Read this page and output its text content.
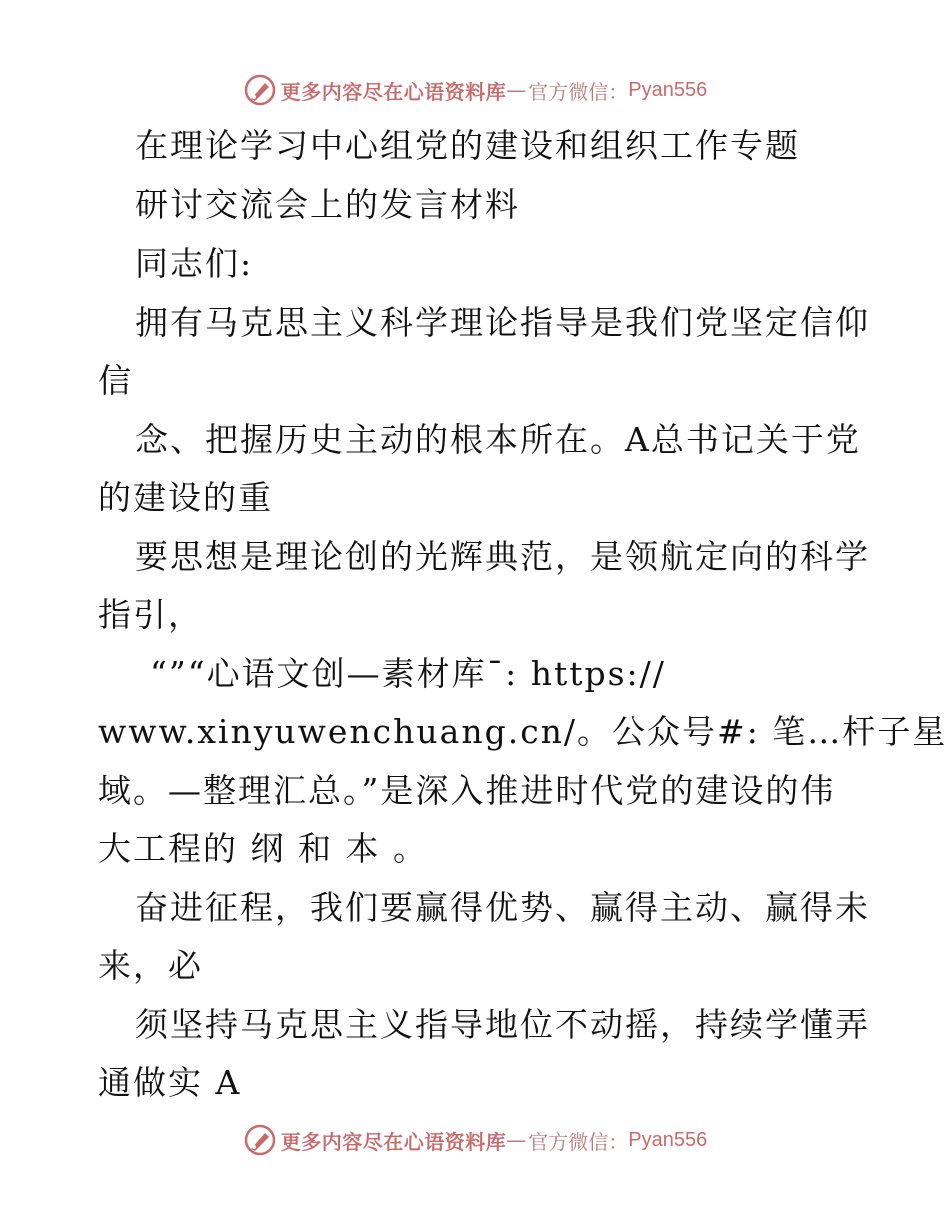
更多内容尽在心语资料库 — 官方微信： Pyan556
在理论学习中心组党的建设和组织工作专题
研讨交流会上的发言材料
同志们:
拥有马克思主义科学理论指导是我们党坚定信仰
信
念、把握历史主动的根本所在。A总书记关于党
的建设的重
要思想是理论创的光辉典范，是领航定向的科学
指引，
“”“心语文创—素材库¯: https://
www.xinyuwenchuang.cn/。公众号#: 笔…杆子星
域。—整理汇总。”是深入推进时代党的建设的伟
大工程的 纲 和 本 。
奋进征程，我们要赢得优势、赢得主动、赢得未
来，必
须坚持马克思主义指导地位不动摇，持续学懂弄
通做实 A
更多内容尽在心语资料库 — 官方微信： Pyan556
